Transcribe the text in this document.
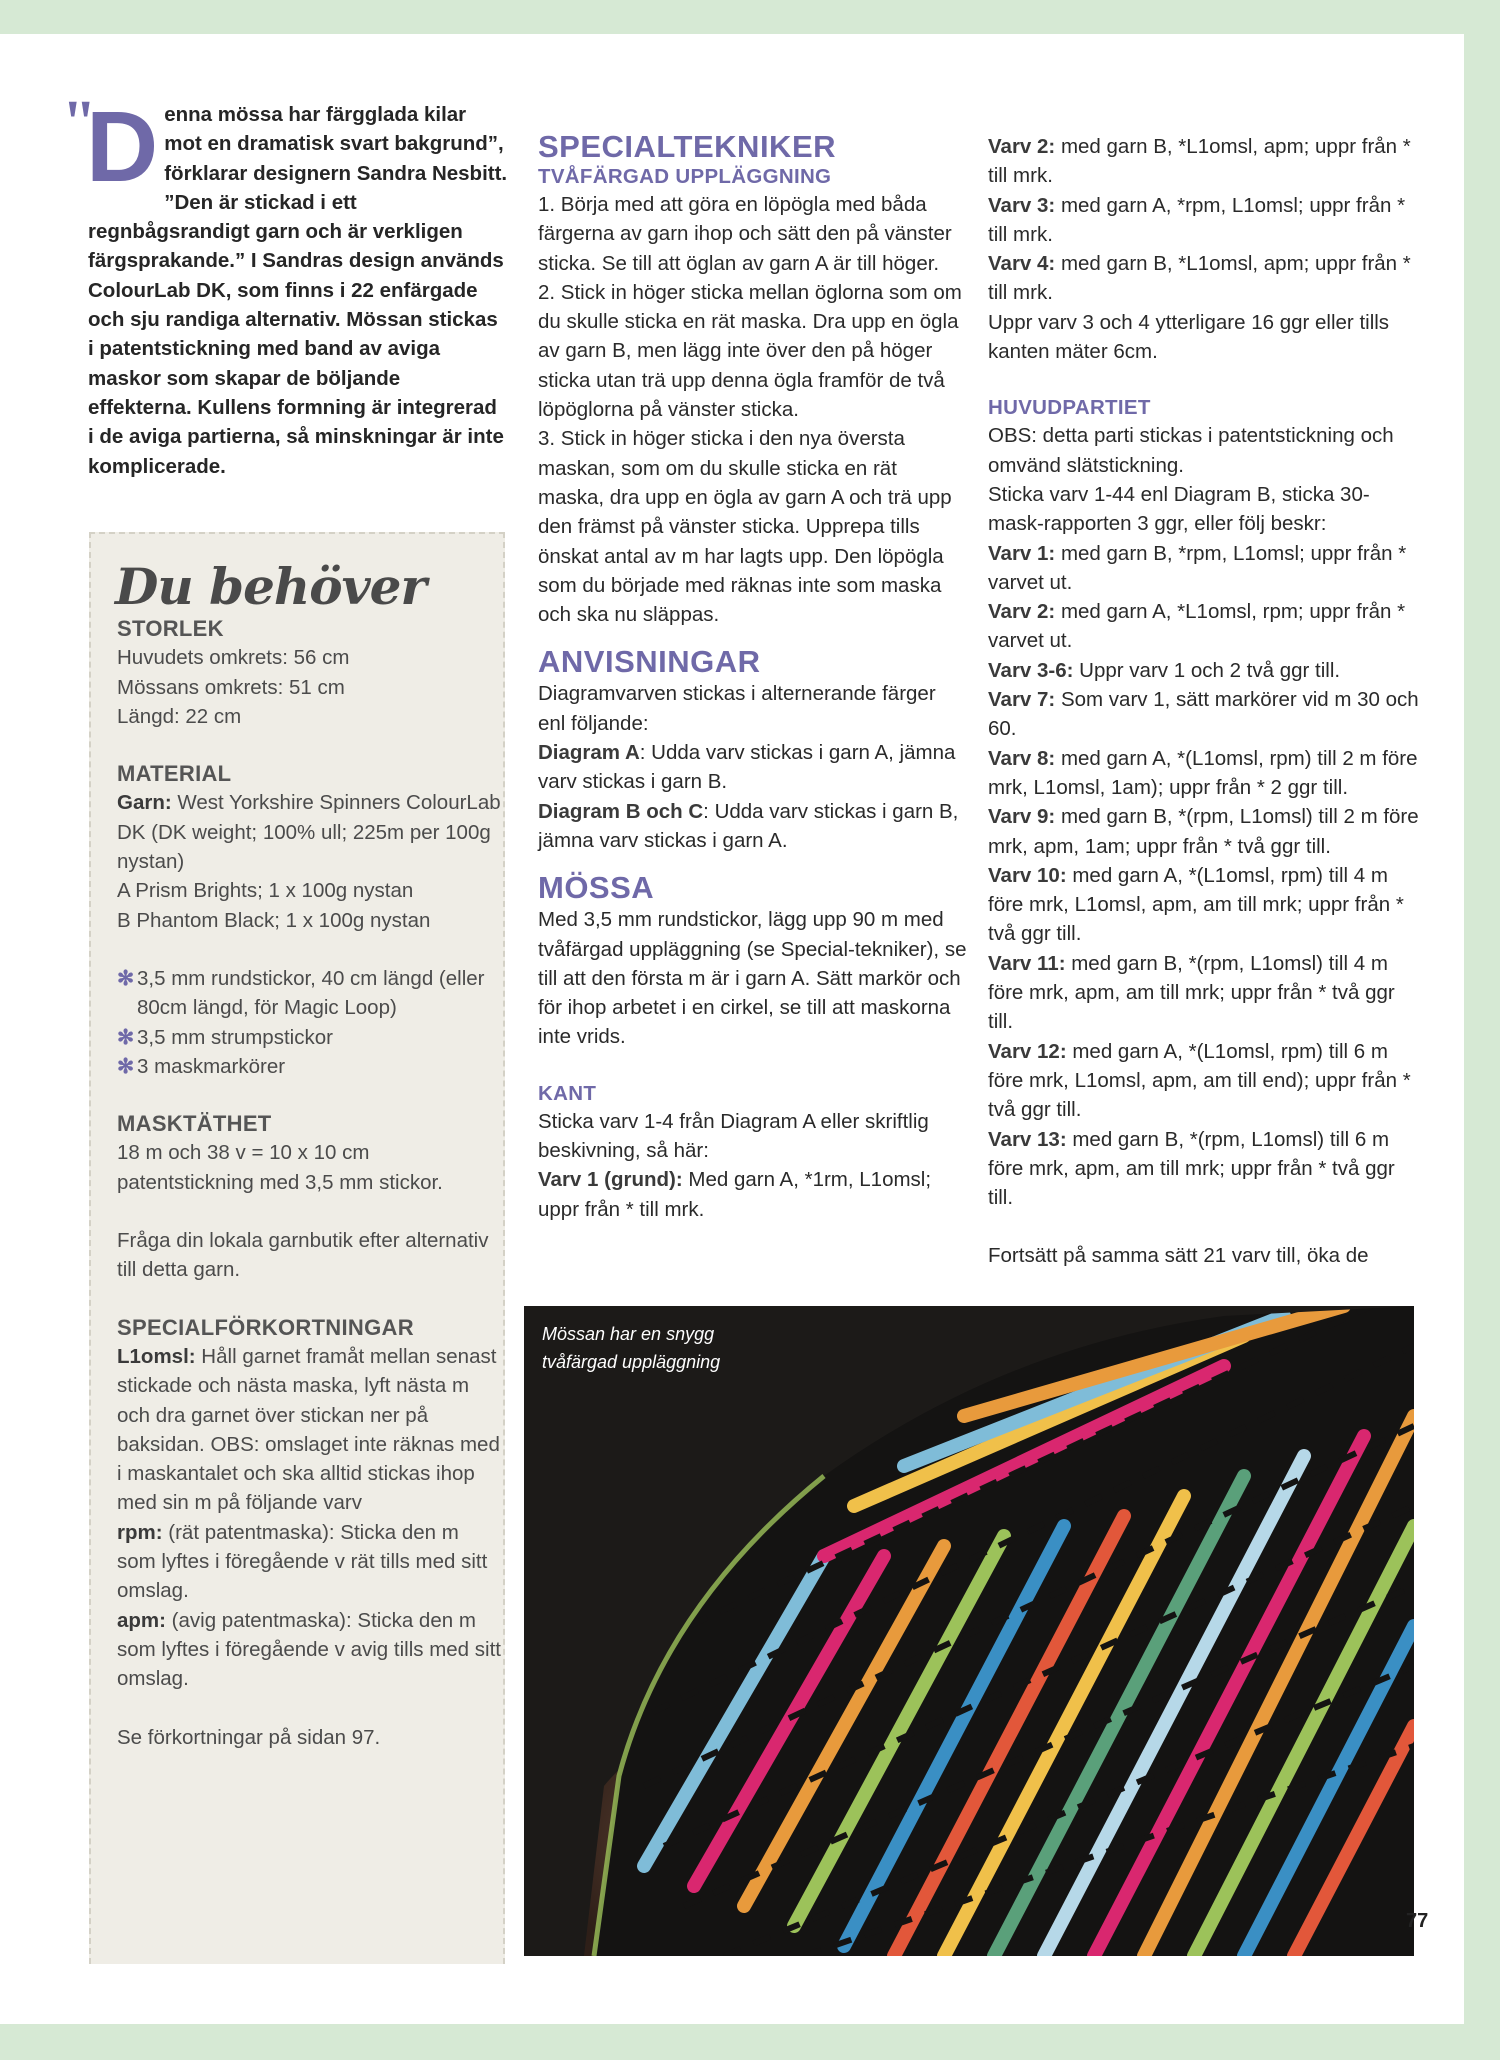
"
D enna mössa har färgglada kilar mot en dramatisk svart bakgrund”, förklarar designern Sandra Nesbitt. ”Den är stickad i ett regnbågsrandigt garn och är verkligen färgsprakande.” I Sandras design används ColourLab DK, som finns i 22 enfärgade och sju randiga alternativ. Mössan stickas i patentstickning med band av aviga maskor som skapar de böljande effekterna. Kullens formning är integrerad i de aviga partierna, så minskningar är inte komplicerade.
Du behöver
STORLEK

Huvudets omkrets: 56 cm

Mössans omkrets: 51 cm

Längd: 22 cm

MATERIAL

Garn: West Yorkshire Spinners ColourLab DK (DK weight; 100% ull; 225m per 100g nystan)

A Prism Brights; 1 x 100g nystan

B Phantom Black; 1 x 100g nystan

✻ 3,5 mm rundstickor, 40 cm längd (eller 80cm längd, för Magic Loop)
✻ 3,5 mm strumpstickor
✻ 3 maskmarkörer
MASKTÄTHET

18 m och 38 v = 10 x 10 cm patentstickning med 3,5 mm stickor.

Fråga din lokala garnbutik efter alternativ till detta garn.

SPECIALFÖRKORTNINGAR

L1omsl: Håll garnet framåt mellan senast stickade och nästa maska, lyft nästa m och dra garnet över stickan ner på baksidan. OBS: omslaget inte räknas med i maskantalet och ska alltid stickas ihop med sin m på följande varv

rpm: (rät patentmaska): Sticka den m som lyftes i föregående v rät tills med sitt omslag.

apm: (avig patentmaska): Sticka den m som lyftes i föregående v avig tills med sitt omslag.

Se förkortningar på sidan 97.

SPECIALTEKNIKER
TVÅFÄRGAD UPPLÄGGNING

1. Börja med att göra en löpögla med båda färgerna av garn ihop och sätt den på vänster sticka. Se till att öglan av garn A är till höger.

2. Stick in höger sticka mellan öglorna som om du skulle sticka en rät maska. Dra upp en ögla av garn B, men lägg inte över den på höger sticka utan trä upp denna ögla framför de två löpöglorna på vänster sticka.

3. Stick in höger sticka i den nya översta maskan, som om du skulle sticka en rät maska, dra upp en ögla av garn A och trä upp den främst på vänster sticka. Upprepa tills önskat antal av m har lagts upp. Den löpögla som du började med räknas inte som maska och ska nu släppas.

ANVISNINGAR

Diagramvarven stickas i alternerande färger enl följande:

Diagram A: Udda varv stickas i garn A, jämna varv stickas i garn B.

Diagram B och C: Udda varv stickas i garn B, jämna varv stickas i garn A.

MÖSSA

Med 3,5 mm rundstickor, lägg upp 90 m med tvåfärgad uppläggning (se Special-tekniker), se till att den första m är i garn A. Sätt markör och för ihop arbetet i en cirkel, se till att maskorna inte vrids.

KANT

Sticka varv 1-4 från Diagram A eller skriftlig beskivning, så här:

Varv 1 (grund): Med garn A, *1rm, L1omsl; uppr från * till mrk.

Varv 2: med garn B, *L1omsl, apm; uppr från * till mrk.

Varv 3: med garn A, *rpm, L1omsl; uppr från * till mrk.

Varv 4: med garn B, *L1omsl, apm; uppr från * till mrk.

Uppr varv 3 och 4 ytterligare 16 ggr eller tills kanten mäter 6cm.

HUVUDPARTIET

OBS: detta parti stickas i patentstickning och omvänd slätstickning.

Sticka varv 1-44 enl Diagram B, sticka 30-mask-rapporten 3 ggr, eller följ beskr:

Varv 1: med garn B, *rpm, L1omsl; uppr från * varvet ut.

Varv 2: med garn A, *L1omsl, rpm; uppr från * varvet ut.

Varv 3-6: Uppr varv 1 och 2 två ggr till.

Varv 7: Som varv 1, sätt markörer vid m 30 och 60.

Varv 8: med garn A, *(L1omsl, rpm) till 2 m före mrk, L1omsl, 1am); uppr från * 2 ggr till.

Varv 9: med garn B, *(rpm, L1omsl) till 2 m före mrk, apm, 1am; uppr från * två ggr till.

Varv 10: med garn A, *(L1omsl, rpm) till 4 m före mrk, L1omsl, apm, am till mrk; uppr från * två ggr till.

Varv 11: med garn B, *(rpm, L1omsl) till 4 m före mrk, apm, am till mrk; uppr från * två ggr till.

Varv 12: med garn A, *(L1omsl, rpm) till 6 m före mrk, L1omsl, apm, am till end); uppr från * två ggr till.

Varv 13: med garn B, *(rpm, L1omsl) till 6 m före mrk, apm, am till mrk; uppr från * två ggr till.

Fortsätt på samma sätt 21 varv till, öka de

Mössan har en snygg tvåfärgad uppläggning
77
